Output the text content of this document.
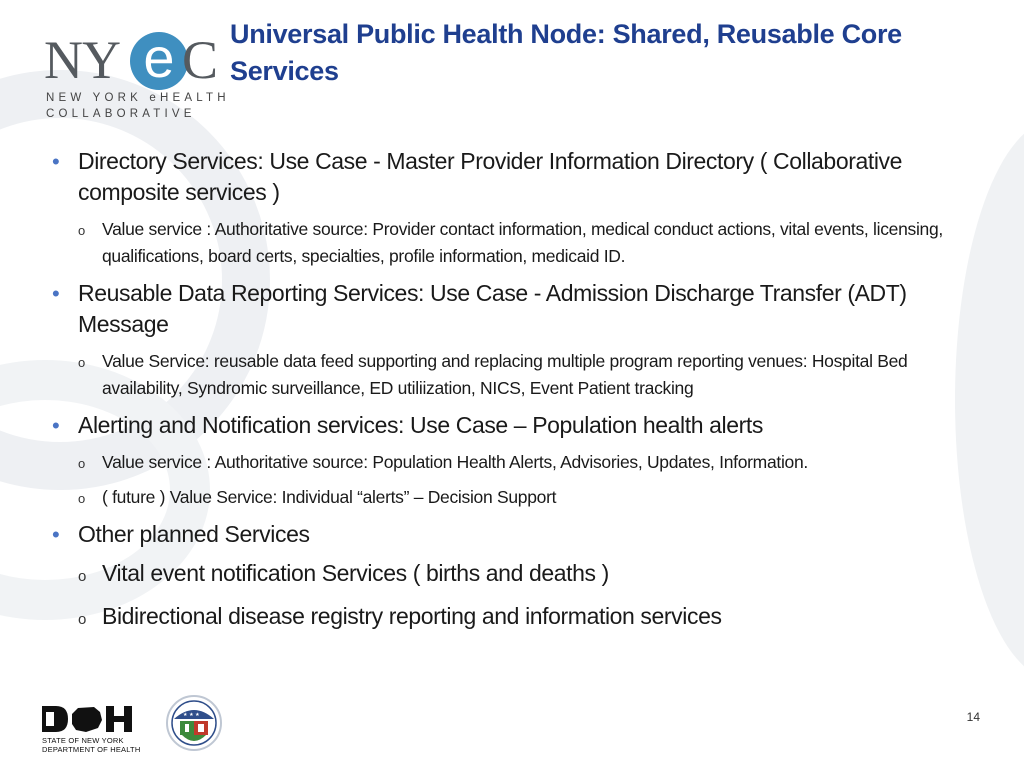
NY e C
NEW YORK eHEALTH
COLLABORATIVE
Universal Public Health Node: Shared, Reusable Core Services
• Directory Services: Use Case - Master Provider Information Directory ( Collaborative composite services )
o Value service : Authoritative source: Provider contact information, medical conduct actions, vital events, licensing, qualifications, board certs, specialties, profile information, medicaid ID.
• Reusable Data Reporting Services: Use Case - Admission Discharge Transfer (ADT) Message
o Value Service: reusable data feed supporting and replacing multiple program reporting venues: Hospital Bed availability, Syndromic surveillance, ED utiliization, NICS, Event Patient tracking
• Alerting and Notification services: Use Case – Population health alerts
o Value service : Authoritative source: Population Health Alerts, Advisories, Updates, Information.
o ( future ) Value Service: Individual “alerts” – Decision Support
• Other planned Services
o Vital event notification Services ( births and deaths )
o Bidirectional disease registry reporting and information services
STATE OF NEW YORK
DEPARTMENT OF HEALTH
★ ★ ★	14
